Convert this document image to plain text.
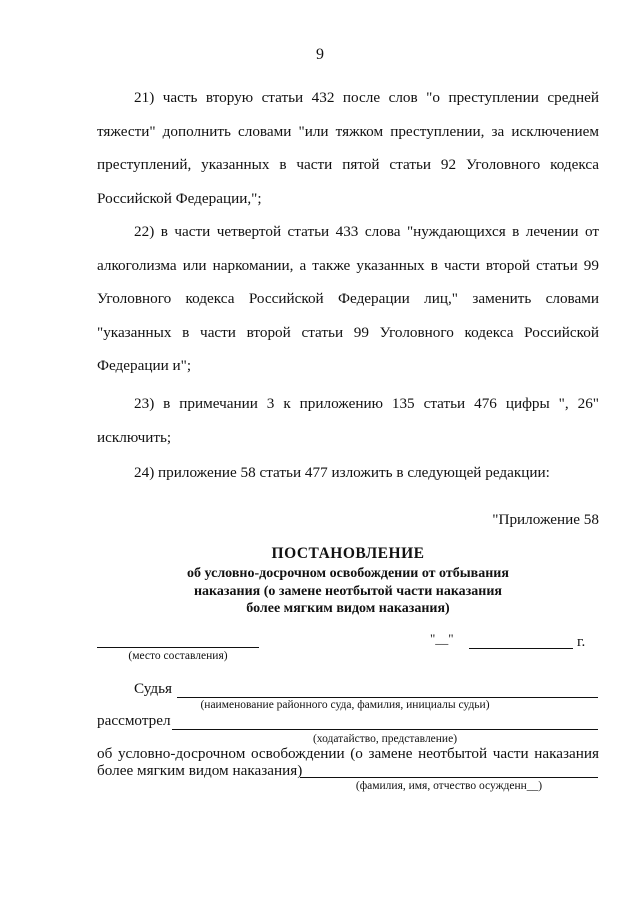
9

21) часть вторую статьи 432 после слов "о преступлении средней тяжести" дополнить словами "или тяжком преступлении, за исключением преступлений, указанных в части пятой статьи 92 Уголовного кодекса Российской Федерации,";

22) в части четвертой статьи 433 слова "нуждающихся в лечении от алкоголизма или наркомании, а также указанных в части второй статьи 99 Уголовного кодекса Российской Федерации лиц," заменить словами "указанных в части второй статьи 99 Уголовного кодекса Российской Федерации и";

23) в примечании 3 к приложению 135 статьи 476 цифры ", 26" исключить;

24) приложение 58 статьи 477 изложить в следующей редакции:

"Приложение 58
ПОСТАНОВЛЕНИЕ
об условно-досрочном освобождении от отбывания
наказания (о замене неотбытой части наказания
более мягким видом наказания)
(место составления)
"__"	г.
Судья
(наименование районного суда, фамилия, инициалы судьи)
рассмотрел
(ходатайство, представление)
об условно-досрочном освобождении (о замене неотбытой части наказания
более мягким видом наказания)
(фамилия, имя, отчество осужденн__)
